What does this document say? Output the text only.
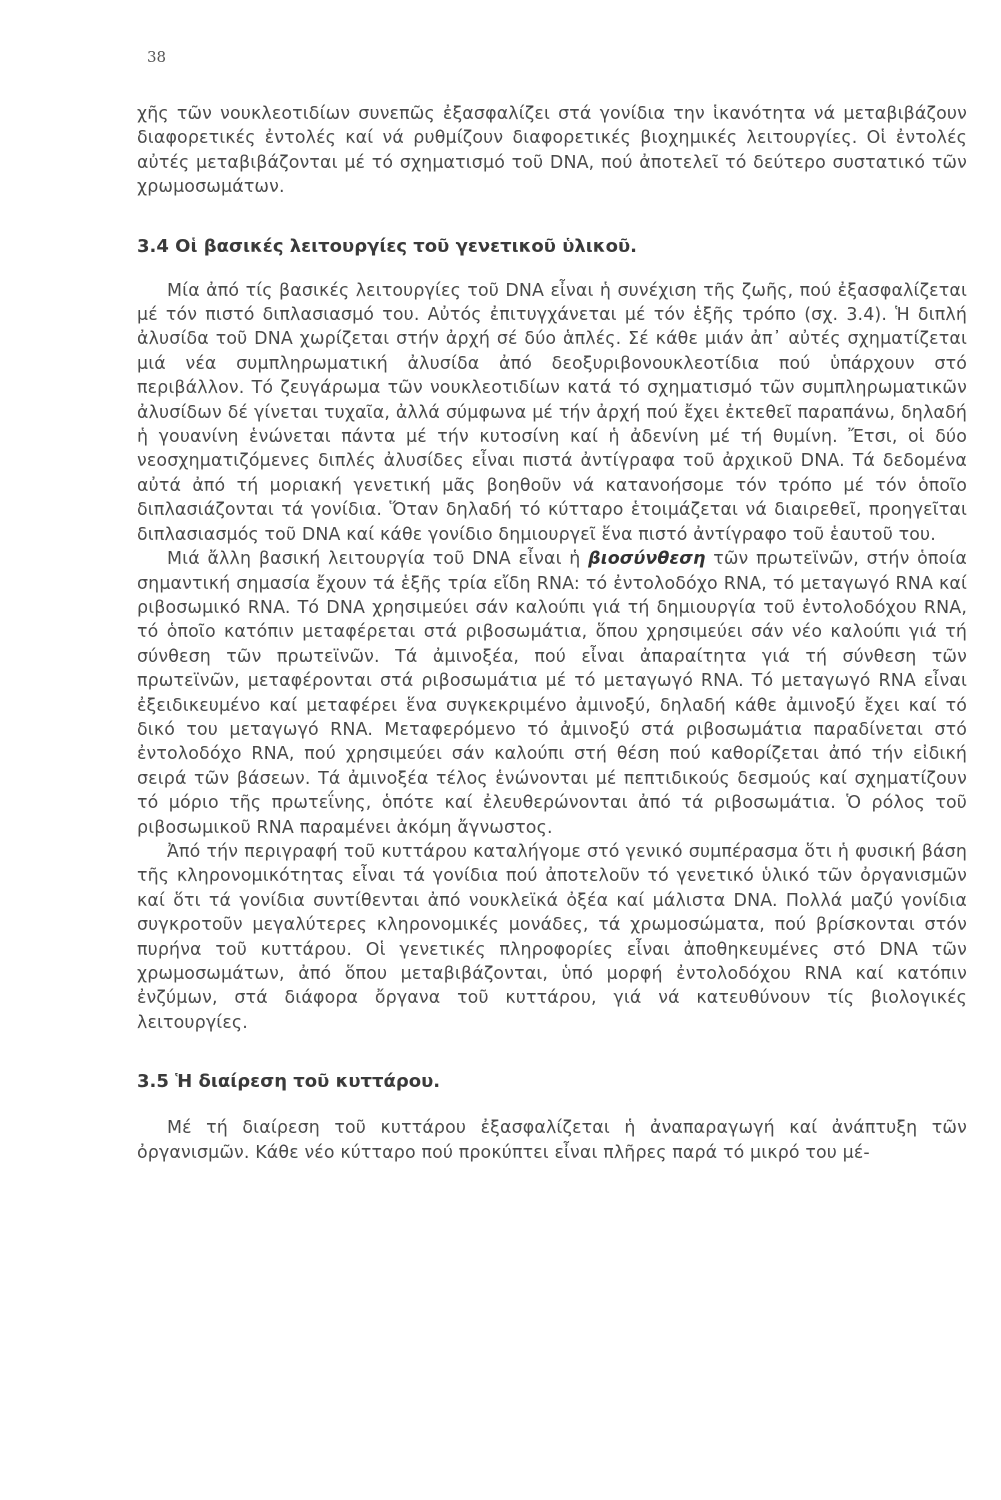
38

χῆς τῶν νουκλεοτιδίων συνεπῶς ἐξασφαλίζει στά γονίδια την ἱκανότητα νά μεταβιβάζουν διαφορετικές ἐντολές καί νά ρυθμίζουν διαφορετικές βιοχημικές λειτουργίες. Οἱ ἐντολές αὐτές μεταβιβάζονται μέ τό σχηματισμό τοῦ DNA, πού ἀποτελεῖ τό δεύτερο συστατικό τῶν χρωμοσωμάτων.

3.4 Οἱ βασικές λειτουργίες τοῦ γενετικοῦ ὑλικοῦ.

Μία ἀπό τίς βασικές λειτουργίες τοῦ DNA εἶναι ἡ συνέχιση τῆς ζωῆς, πού ἐξασφαλίζεται μέ τόν πιστό διπλασιασμό του. Αὐτός ἐπιτυγχάνεται μέ τόν ἑξῆς τρόπο (σχ. 3.4). Ἡ διπλή ἀλυσίδα τοῦ DNA χωρίζεται στήν ἀρχή σέ δύο ἁπλές. Σέ κάθε μιάν ἀπ᾽ αὐτές σχηματίζεται μιά νέα συμπληρωματική ἀλυσίδα ἀπό δεοξυριβονουκλεοτίδια πού ὑπάρχουν στό περιβάλλον. Τό ζευγάρωμα τῶν νουκλεοτιδίων κατά τό σχηματισμό τῶν συμπληρωματικῶν ἀλυσίδων δέ γίνεται τυχαῖα, ἀλλά σύμφωνα μέ τήν ἀρχή πού ἔχει ἐκτεθεῖ παραπάνω, δηλαδή ἡ γουανίνη ἑνώνεται πάντα μέ τήν κυτοσίνη καί ἡ ἀδενίνη μέ τή θυμίνη. Ἔτσι, οἱ δύο νεοσχηματιζόμενες διπλές ἀλυσίδες εἶναι πιστά ἀντίγραφα τοῦ ἀρχικοῦ DNA. Τά δεδομένα αὐτά ἀπό τή μοριακή γενετική μᾶς βοηθοῦν νά κατανοήσομε τόν τρόπο μέ τόν ὁποῖο διπλασιάζονται τά γονίδια. Ὅταν δηλαδή τό κύτταρο ἑτοιμάζεται νά διαιρεθεῖ, προηγεῖται διπλασιασμός τοῦ DNA καί κάθε γονίδιο δημιουργεῖ ἕνα πιστό ἀντίγραφο τοῦ ἑαυτοῦ του.

Μιά ἄλλη βασική λειτουργία τοῦ DNA εἶναι ἡ βιοσύνθεση τῶν πρωτεϊνῶν, στήν ὁποία σημαντική σημασία ἔχουν τά ἑξῆς τρία εἴδη RNA: τό ἐντολοδόχο RNA, τό μεταγωγό RNA καί ριβοσωμικό RNA. Τό DNA χρησιμεύει σάν καλούπι γιά τή δημιουργία τοῦ ἐντολοδόχου RNA, τό ὁποῖο κατόπιν μεταφέρεται στά ριβοσωμάτια, ὅπου χρησιμεύει σάν νέο καλούπι γιά τή σύνθεση τῶν πρωτεϊνῶν. Τά ἀμινοξέα, πού εἶναι ἀπαραίτητα γιά τή σύνθεση τῶν πρωτεϊνῶν, μεταφέρονται στά ριβοσωμάτια μέ τό μεταγωγό RNA. Τό μεταγωγό RNA εἶναι ἐξειδικευμένο καί μεταφέρει ἕνα συγκεκριμένο ἀμινοξύ, δηλαδή κάθε ἀμινοξύ ἔχει καί τό δικό του μεταγωγό RNA. Μεταφερόμενο τό ἀμινοξύ στά ριβοσωμάτια παραδίνεται στό ἐντολοδόχο RNA, πού χρησιμεύει σάν καλούπι στή θέση πού καθορίζεται ἀπό τήν εἰδική σειρά τῶν βάσεων. Τά ἀμινοξέα τέλος ἑνώνονται μέ πεπτιδικούς δεσμούς καί σχηματίζουν τό μόριο τῆς πρωτεΐνης, ὁπότε καί ἐλευθερώνονται ἀπό τά ριβοσωμάτια. Ὁ ρόλος τοῦ ριβοσωμικοῦ RNA παραμένει ἀκόμη ἄγνωστος.

Ἀπό τήν περιγραφή τοῦ κυττάρου καταλήγομε στό γενικό συμπέρασμα ὅτι ἡ φυσική βάση τῆς κληρονομικότητας εἶναι τά γονίδια πού ἀποτελοῦν τό γενετικό ὑλικό τῶν ὀργανισμῶν καί ὅτι τά γονίδια συντίθενται ἀπό νουκλεϊκά ὀξέα καί μάλιστα DNA. Πολλά μαζύ γονίδια συγκροτοῦν μεγαλύτερες κληρονομικές μονάδες, τά χρωμοσώματα, πού βρίσκονται στόν πυρήνα τοῦ κυττάρου. Οἱ γενετικές πληροφορίες εἶναι ἀποθηκευμένες στό DNA τῶν χρωμοσωμάτων, ἀπό ὅπου μεταβιβάζονται, ὑπό μορφή ἐντολοδόχου RNA καί κατόπιν ἐνζύμων, στά διάφορα ὄργανα τοῦ κυττάρου, γιά νά κατευθύνουν τίς βιολογικές λειτουργίες.

3.5 Ἡ διαίρεση τοῦ κυττάρου.

Μέ τή διαίρεση τοῦ κυττάρου ἐξασφαλίζεται ἡ ἀναπαραγωγή καί ἀνάπτυξη τῶν ὀργανισμῶν. Κάθε νέο κύτταρο πού προκύπτει εἶναι πλῆρες παρά τό μικρό του μέ-
